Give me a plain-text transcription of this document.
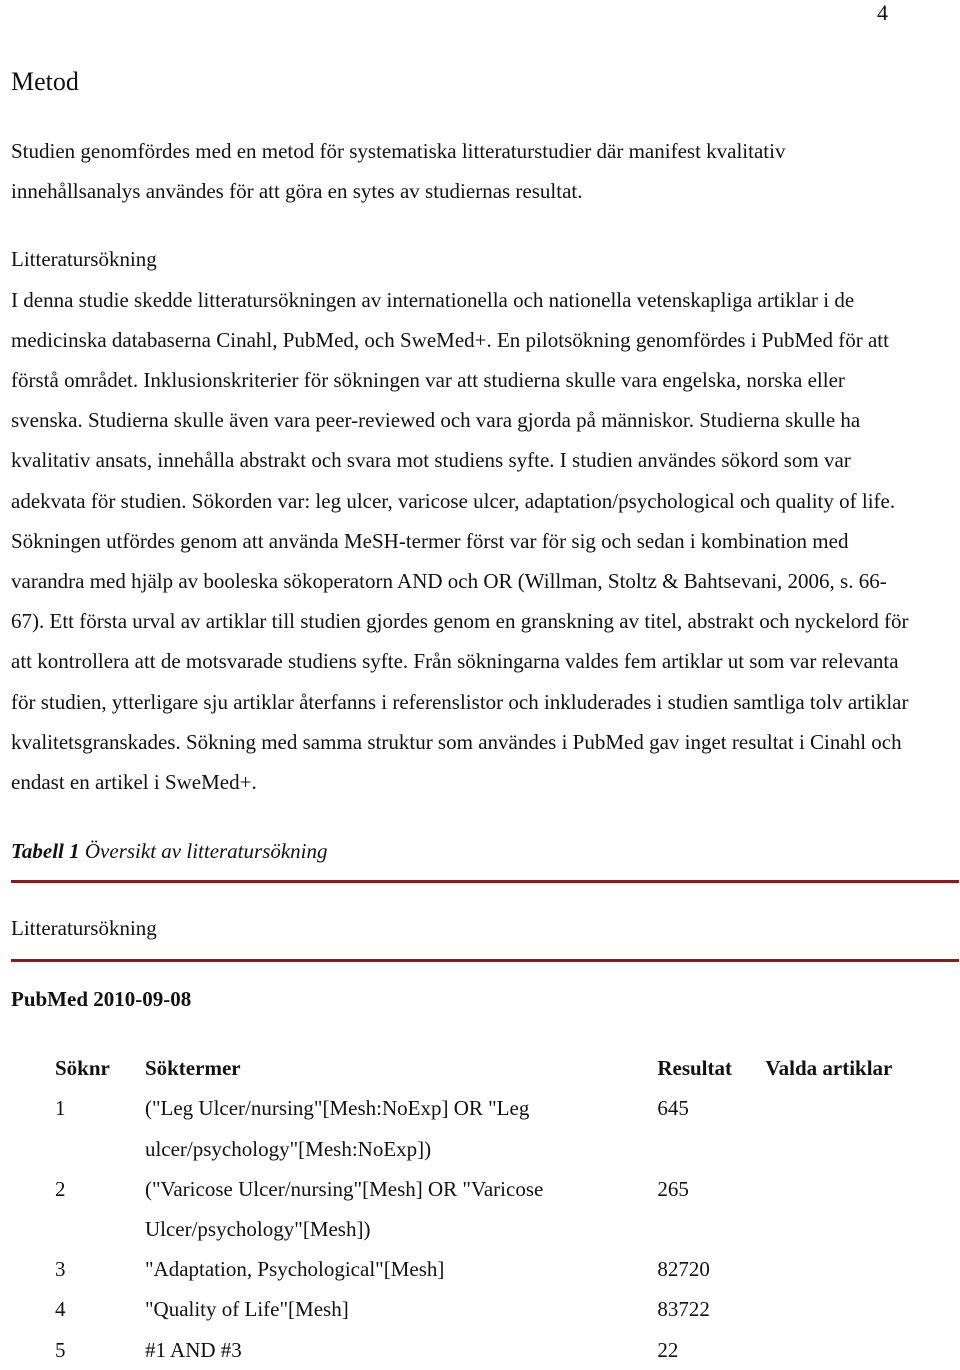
4
Metod

Studien genomfördes med en metod för systematiska litteraturstudier där manifest kvalitativ innehållsanalys användes för att göra en sytes av studiernas resultat.

Litteratursökning

I denna studie skedde litteratursökningen av internationella och nationella vetenskapliga artiklar i de medicinska databaserna Cinahl, PubMed, och SweMed+. En pilotsökning genomfördes i PubMed för att förstå området. Inklusionskriterier för sökningen var att studierna skulle vara engelska, norska eller svenska. Studierna skulle även vara peer-reviewed och vara gjorda på människor. Studierna skulle ha kvalitativ ansats, innehålla abstrakt och svara mot studiens syfte. I studien användes sökord som var adekvata för studien. Sökorden var: leg ulcer, varicose ulcer, adaptation/psychological och quality of life. Sökningen utfördes genom att använda MeSH-termer först var för sig och sedan i kombination med varandra med hjälp av booleska sökoperatorn AND och OR (Willman, Stoltz & Bahtsevani, 2006, s. 66-67). Ett första urval av artiklar till studien gjordes genom en granskning av titel, abstrakt och nyckelord för att kontrollera att de motsvarade studiens syfte. Från sökningarna valdes fem artiklar ut som var relevanta för studien, ytterligare sju artiklar återfanns i referenslistor och inkluderades i studien samtliga tolv artiklar kvalitetsgranskades. Sökning med samma struktur som användes i PubMed gav inget resultat i Cinahl och endast en artikel i SweMed+.

Tabell 1 Översikt av litteratursökning

Litteratursökning

PubMed 2010-09-08

Söknr	Söktermer	Resultat	Valda artiklar
1	("Leg Ulcer/nursing"[Mesh:NoExp] OR "Leg
ulcer/psychology"[Mesh:NoExp])	645	
2	("Varicose Ulcer/nursing"[Mesh] OR "Varicose
Ulcer/psychology"[Mesh])	265	
3	"Adaptation, Psychological"[Mesh]	82720	
4	"Quality of Life"[Mesh]	83722	
5	#1 AND #3	22	
